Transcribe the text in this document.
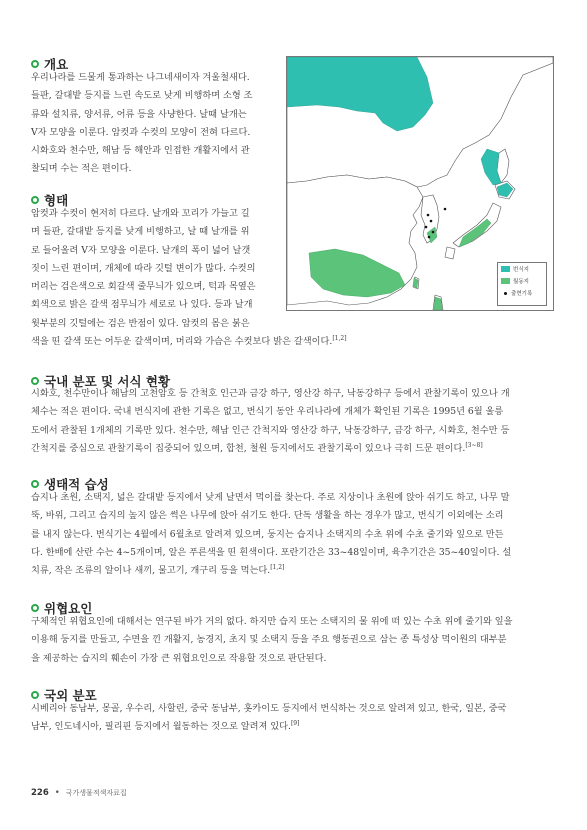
개요
우리나라를 드물게 통과하는 나그네새이자 겨울철새다.
들판, 갈대밭 등지를 느린 속도로 낮게 비행하며 소형 조
류와 설치류, 양서류, 어류 등을 사냥한다. 날때 날개는
V자 모양을 이룬다. 암컷과 수컷의 모양이 전혀 다르다.
시화호와 천수만, 해남 등 해안과 인접한 개활지에서 관
찰되며 수는 적은 편이다.
형태
암컷과 수컷이 현저히 다르다. 날개와 꼬리가 가늘고 길
며 들판, 갈대밭 등지를 낮게 비행하고, 날 때 날개를 위
로 들어올려 V자 모양을 이룬다. 날개의 폭이 넓어 날갯
짓이 느린 편이며, 개체에 따라 깃털 변이가 많다. 수컷의
머리는 검은색으로 회갈색 줄무늬가 있으며, 턱과 목옆은
회색으로 밝은 갈색 점무늬가 세로로 나 있다. 등과 날개
윗부분의 깃털에는 검은 반점이 있다. 암컷의 몸은 붉은
색을 띤 갈색 또는 어두운 갈색이며, 머리와 가슴은 수컷보다 밝은 갈색이다.[1,2]
번식지
월동지
출현기록
국내 분포 및 서식 현황
시화호, 천수만이나 해남의 고천암호 등 간척호 인근과 금강 하구, 영산강 하구, 낙동강하구 등에서 관찰기록이 있으나 개
체수는 적은 편이다. 국내 번식지에 관한 기록은 없고, 번식기 동안 우리나라에 개체가 확인된 기록은 1995년 6월 울릉
도에서 관찰된 1개체의 기록만 있다. 천수만, 해남 인근 간척지와 영산강 하구, 낙동강하구, 금강 하구, 시화호, 천수만 등
간척지를 중심으로 관찰기록이 집중되어 있으며, 합천, 철원 등지에서도 관찰기록이 있으나 극히 드문 편이다.[3~8]
생태적 습성
습지나 초원, 소택지, 넓은 갈대밭 등지에서 낮게 날면서 먹이를 찾는다. 주로 지상이나 초원에 앉아 쉬기도 하고, 나무 말
뚝, 바위, 그리고 습지의 높지 않은 썩은 나무에 앉아 쉬기도 한다. 단독 생활을 하는 경우가 많고, 번식기 이외에는 소리
를 내지 않는다. 번식기는 4월에서 6월초로 알려져 있으며, 둥지는 습지나 소택지의 수초 위에 수초 줄기와 잎으로 만든
다. 한배에 산란 수는 4~5개이며, 알은 푸른색을 띤 흰색이다. 포란기간은 33~48일이며, 육추기간은 35~40일이다. 설
치류, 작은 조류의 알이나 새끼, 물고기, 개구리 등을 먹는다.[1,2]
위협요인
구체적인 위협요인에 대해서는 연구된 바가 거의 없다. 하지만 습지 또는 소택지의 물 위에 떠 있는 수초 위에 줄기와 잎을
이용해 둥지를 만들고, 수면을 낀 개활지, 농경지, 초지 및 소택지 등을 주요 행동권으로 삼는 종 특성상 먹이원의 대부분
을 제공하는 습지의 훼손이 가장 큰 위협요인으로 작용할 것으로 판단된다.
국외 분포
시베리아 동남부, 몽골, 우수리, 사할린, 중국 동남부, 홋카이도 등지에서 번식하는 것으로 알려져 있고, 한국, 일본, 중국
남부, 인도네시아, 필리핀 등지에서 월동하는 것으로 알려져 있다.[9]
226 • 국가생물적색자료집
